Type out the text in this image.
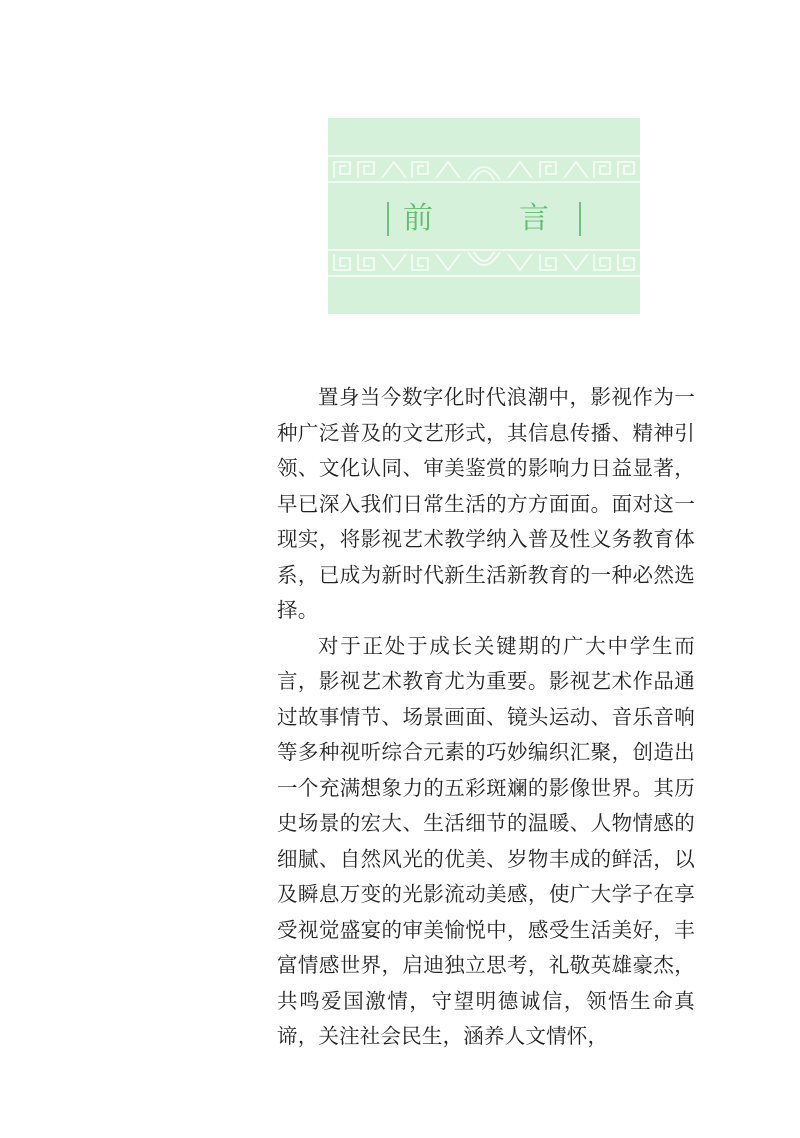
前　言

置身当今数字化时代浪潮中，影视作为一种广泛普及的文艺形式，其信息传播、精神引领、文化认同、审美鉴赏的影响力日益显著，早已深入我们日常生活的方方面面。面对这一现实，将影视艺术教学纳入普及性义务教育体系，已成为新时代新生活新教育的一种必然选择。

对于正处于成长关键期的广大中学生而言，影视艺术教育尤为重要。影视艺术作品通过故事情节、场景画面、镜头运动、音乐音响等多种视听综合元素的巧妙编织汇聚，创造出一个充满想象力的五彩斑斓的影像世界。其历史场景的宏大、生活细节的温暖、人物情感的细腻、自然风光的优美、岁物丰成的鲜活，以及瞬息万变的光影流动美感，使广大学子在享受视觉盛宴的审美愉悦中，感受生活美好，丰富情感世界，启迪独立思考，礼敬英雄豪杰，共鸣爱国激情，守望明德诚信，领悟生命真谛，关注社会民生，涵养人文情怀，
